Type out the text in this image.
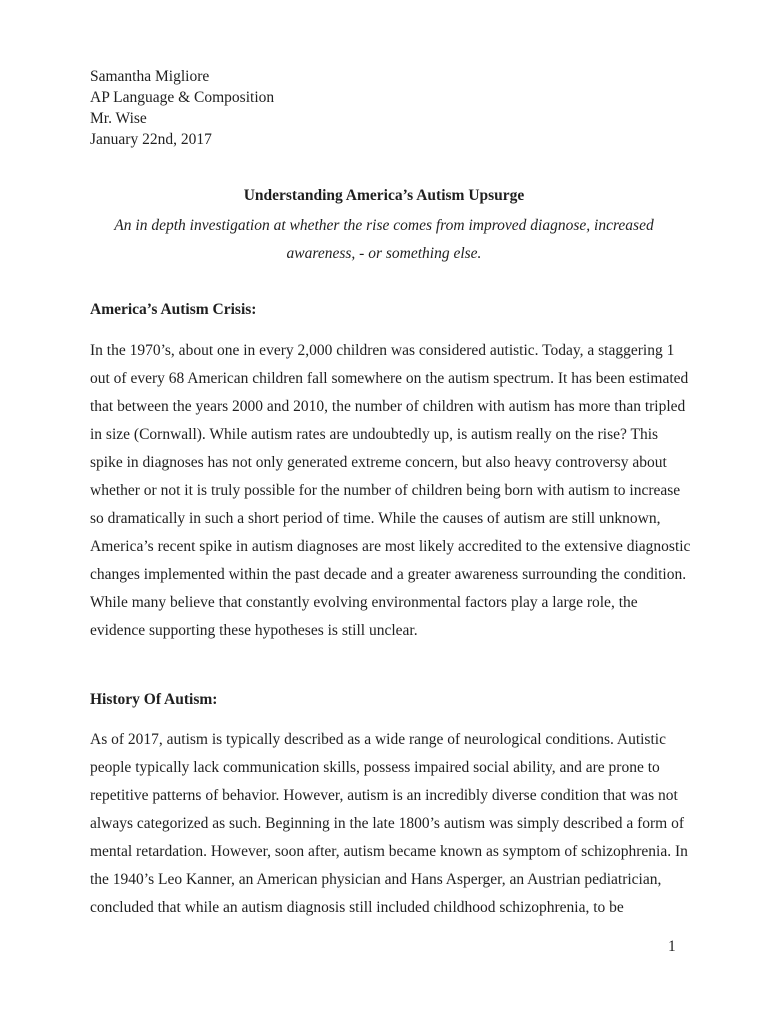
Samantha Migliore
AP Language & Composition
Mr. Wise
January 22nd, 2017
Understanding America’s Autism Upsurge
An in depth investigation at whether the rise comes from improved diagnose, increased awareness, - or something else.
America’s Autism Crisis:
In the 1970’s, about one in every 2,000 children was considered autistic. Today, a staggering 1
out of every 68 American children fall somewhere on the autism spectrum. It has been estimated
that between the years 2000 and 2010, the number of children with autism has more than tripled
in size (Cornwall). While autism rates are undoubtedly up, is autism really on the rise? This
spike in diagnoses has not only generated extreme concern, but also heavy controversy about
whether or not it is truly possible for the number of children being born with autism to increase
so dramatically in such a short period of time. While the causes of autism are still unknown,
America’s recent spike in autism diagnoses are most likely accredited to the extensive diagnostic
changes implemented within the past decade and a greater awareness surrounding the condition.
While many believe that constantly evolving environmental factors play a large role, the
evidence supporting these hypotheses is still unclear.
History Of Autism:
As of 2017, autism is typically described as a wide range of neurological conditions. Autistic
people typically lack communication skills, possess impaired social ability, and are prone to
repetitive patterns of behavior. However, autism is an incredibly diverse condition that was not
always categorized as such. Beginning in the late 1800’s autism was simply described a form of
mental retardation. However, soon after, autism became known as symptom of schizophrenia. In
the 1940’s Leo Kanner, an American physician and Hans Asperger, an Austrian pediatrician,
concluded that while an autism diagnosis still included childhood schizophrenia, to be
1
